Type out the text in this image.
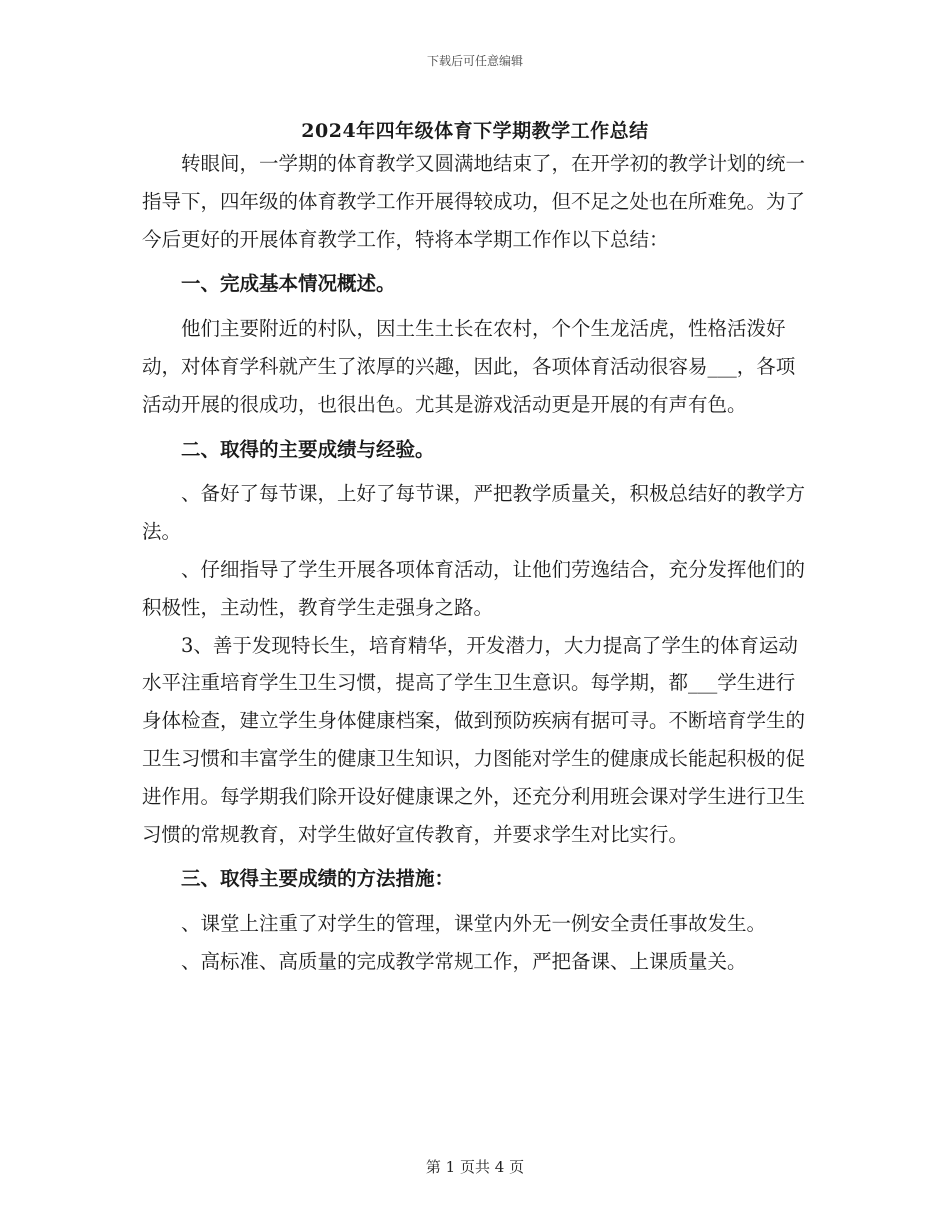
下载后可任意编辑
2024年四年级体育下学期教学工作总结

转眼间，一学期的体育教学又圆满地结束了，在开学初的教学计划的统一指导下，四年级的体育教学工作开展得较成功，但不足之处也在所难免。为了今后更好的开展体育教学工作，特将本学期工作作以下总结：

一、完成基本情况概述。

他们主要附近的村队，因土生土长在农村，个个生龙活虎，性格活泼好动，对体育学科就产生了浓厚的兴趣，因此，各项体育活动很容易___，各项活动开展的很成功，也很出色。尤其是游戏活动更是开展的有声有色。

二、取得的主要成绩与经验。

、备好了每节课，上好了每节课，严把教学质量关，积极总结好的教学方法。

、仔细指导了学生开展各项体育活动，让他们劳逸结合，充分发挥他们的积极性，主动性，教育学生走强身之路。

3、善于发现特长生，培育精华，开发潜力，大力提高了学生的体育运动水平注重培育学生卫生习惯，提高了学生卫生意识。每学期，都___学生进行身体检查，建立学生身体健康档案，做到预防疾病有据可寻。不断培育学生的卫生习惯和丰富学生的健康卫生知识，力图能对学生的健康成长能起积极的促进作用。每学期我们除开设好健康课之外，还充分利用班会课对学生进行卫生习惯的常规教育，对学生做好宣传教育，并要求学生对比实行。

三、取得主要成绩的方法措施：

、课堂上注重了对学生的管理，课堂内外无一例安全责任事故发生。

、高标准、高质量的完成教学常规工作，严把备课、上课质量关。

第 1 页共 4 页
